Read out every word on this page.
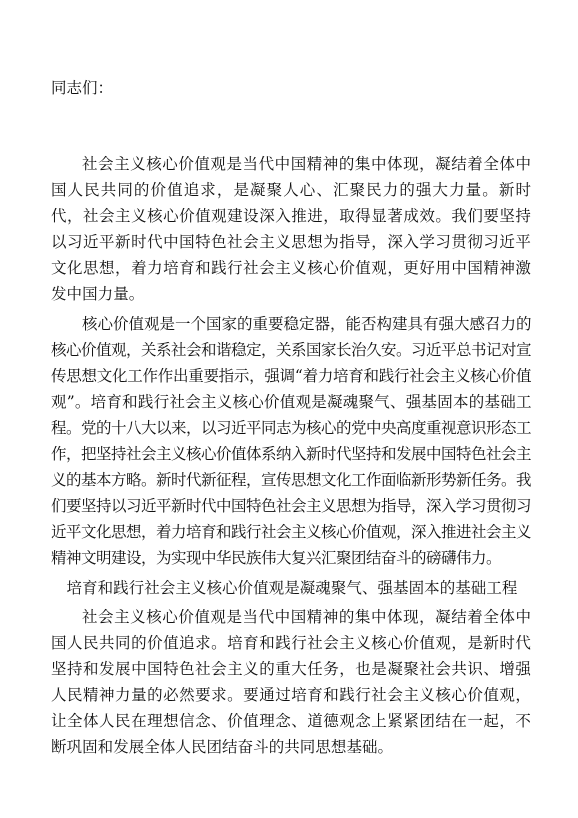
同志们：

社会主义核心价值观是当代中国精神的集中体现，凝结着全体中国人民共同的价值追求，是凝聚人心、汇聚民力的强大力量。新时代，社会主义核心价值观建设深入推进，取得显著成效。我们要坚持以习近平新时代中国特色社会主义思想为指导，深入学习贯彻习近平文化思想，着力培育和践行社会主义核心价值观，更好用中国精神激发中国力量。

核心价值观是一个国家的重要稳定器，能否构建具有强大感召力的核心价值观，关系社会和谐稳定，关系国家长治久安。习近平总书记对宣传思想文化工作作出重要指示，强调“着力培育和践行社会主义核心价值观”。培育和践行社会主义核心价值观是凝魂聚气、强基固本的基础工程。党的十八大以来，以习近平同志为核心的党中央高度重视意识形态工作，把坚持社会主义核心价值体系纳入新时代坚持和发展中国特色社会主义的基本方略。新时代新征程，宣传思想文化工作面临新形势新任务。我们要坚持以习近平新时代中国特色社会主义思想为指导，深入学习贯彻习近平文化思想，着力培育和践行社会主义核心价值观，深入推进社会主义精神文明建设，为实现中华民族伟大复兴汇聚团结奋斗的磅礴伟力。

培育和践行社会主义核心价值观是凝魂聚气、强基固本的基础工程

社会主义核心价值观是当代中国精神的集中体现，凝结着全体中国人民共同的价值追求。培育和践行社会主义核心价值观，是新时代坚持和发展中国特色社会主义的重大任务，也是凝聚社会共识、增强人民精神力量的必然要求。要通过培育和践行社会主义核心价值观，让全体人民在理想信念、价值理念、道德观念上紧紧团结在一起，不断巩固和发展全体人民团结奋斗的共同思想基础。
